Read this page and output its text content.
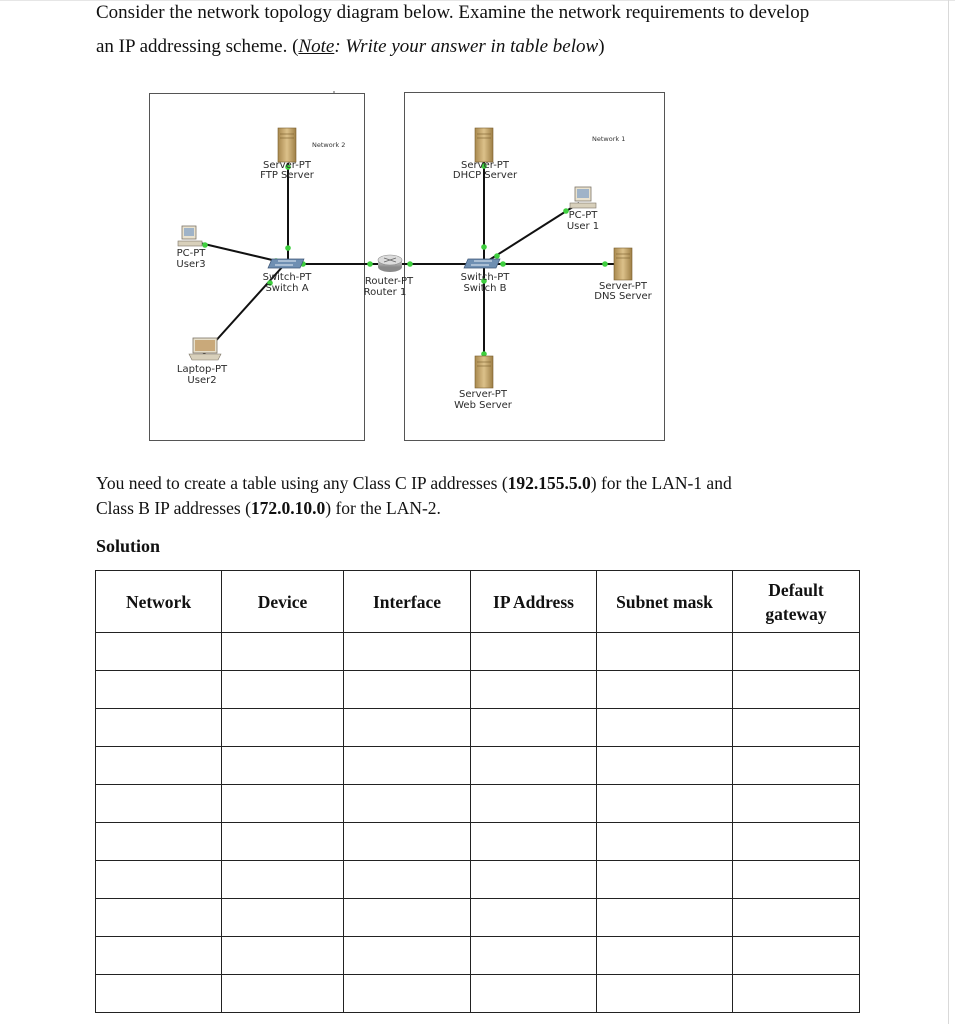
Consider the network topology diagram below. Examine the network requirements to develop
an IP addressing scheme. (Note: Write your answer in table below)
Network 2
Network 1
Server-PT
FTP Server
PC-PT
User3
Switch-PT
Switch A
Laptop-PT
User2
Router-PT
Router 1
Server-PT
DHCP Server
PC-PT
User 1
Switch-PT
Switch B	Server-PT
DNS Server
Server-PT
Web Server
You need to create a table using any Class C IP addresses (192.155.5.0) for the LAN-1 and
Class B IP addresses (172.0.10.0) for the LAN-2.
Solution
Network	Device	Interface	IP Address	Subnet mask	Default
gateway
